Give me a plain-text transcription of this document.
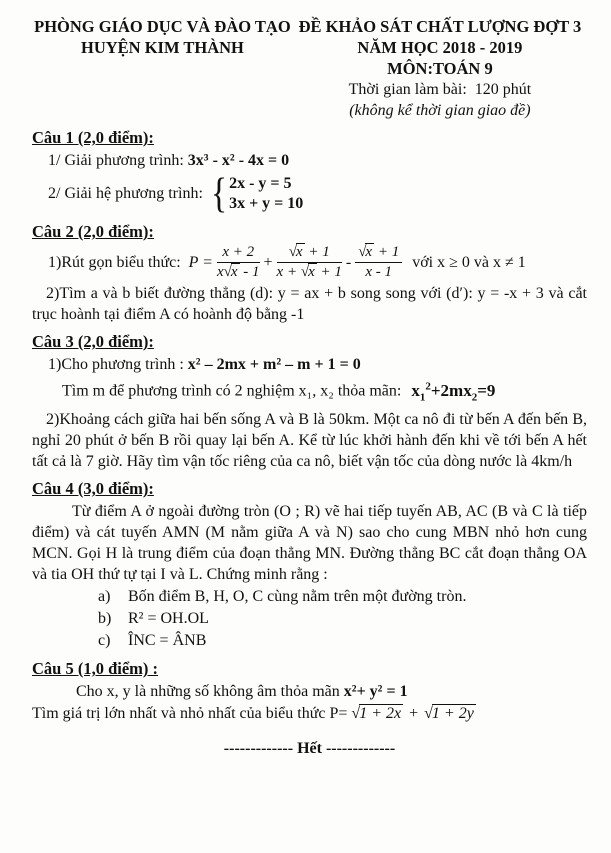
PHÒNG GIÁO DỤC VÀ ĐÀO TẠO
HUYỆN KIM THÀNH
ĐỀ KHẢO SÁT CHẤT LƯỢNG ĐỢT 3
NĂM HỌC 2018 - 2019
MÔN:TOÁN 9
Thời gian làm bài:  120 phút
(không kể thời gian giao đề)
Câu 1 (2,0 điểm):
1/ Giải phương trình: 3x³ - x² - 4x = 0
2/ Giải hệ phương trình: { 2x - y = 5
3x + y = 10
Câu 2 (2,0 điểm):
1)Rút gọn biểu thức: $P = \frac{x + 2}{x√x - 1} + \frac{√x + 1}{x + √x + 1} - \frac{√x + 1}{x - 1}$ với x ≥ 0 và x ≠ 1
2)Tìm a và b biết đường thẳng (d): y = ax + b song song với (d′): y = -x + 3 và cắt trục hoành tại điểm A có hoành độ bằng -1
Câu 3 (2,0 điểm):
1)Cho phương trình : x² – 2mx + m² – m + 1 = 0
Tìm m để phương trình có 2 nghiệm x₁, x₂ thỏa mãn: $x_1^2+2mx_2=9$
2)Khoảng cách giữa hai bến sống A và B là 50km. Một ca nô đi từ bến A đến bến B, nghỉ 20 phút ở bến B rồi quay lại bến A. Kể từ lúc khởi hành đến khi về tới bến A hết tất cả là 7 giờ. Hãy tìm vận tốc riêng của ca nô, biết vận tốc của dòng nước là 4km/h
Câu 4 (3,0 điểm):
Từ điểm A ở ngoài đường tròn (O ; R) vẽ hai tiếp tuyến AB, AC (B và C là tiếp điểm) và cát tuyến AMN (M nằm giữa A và N) sao cho cung MBN nhỏ hơn cung MCN. Gọi H là trung điểm của đoạn thẳng MN. Đường thẳng BC cắt đoạn thẳng OA và tia OH thứ tự tại I và L. Chứng minh rằng :
a)	Bốn điểm B, H, O, C cùng nằm trên một đường tròn.
b)	R² = OH.OL
c)	ÎNC = ÂNB
Câu 5 (1,0 điểm) :
Cho x, y là những số không âm thỏa mãn x²+ y² = 1
Tìm giá trị lớn nhất và nhỏ nhất của biểu thức P= √1 + 2x + √1 + 2y
------------- Hết -------------
